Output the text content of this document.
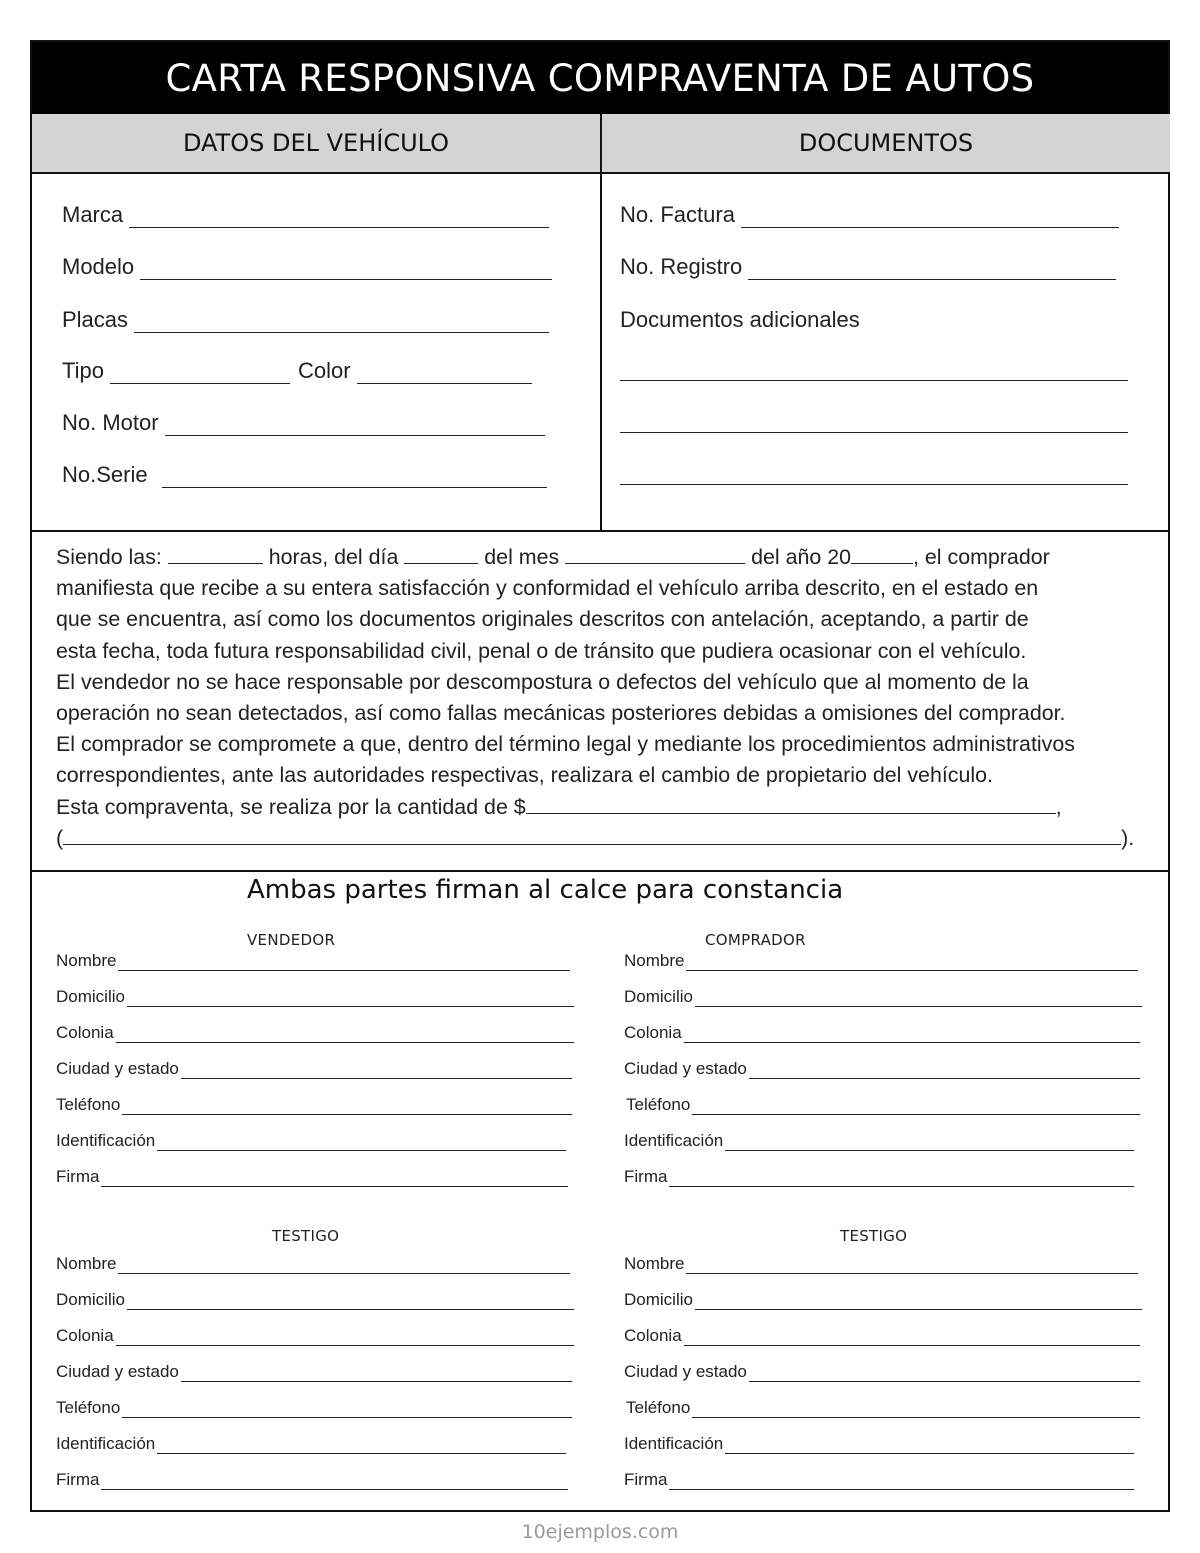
CARTA RESPONSIVA COMPRAVENTA DE AUTOS
DATOS DEL VEHÍCULO	DOCUMENTOS
Marca
Modelo
Placas
Tipo	Color
No. Motor
No.Serie
No. Factura
No. Registro
Documentos adicionales

Siendo las:	horas, del día	del mes	del año 20	, el comprador

manifiesta que recibe a su entera satisfacción y conformidad el vehículo arriba descrito, en el estado en

que se encuentra, así como los documentos originales descritos con antelación, aceptando, a partir de

esta fecha, toda futura responsabilidad civil, penal o de tránsito que pudiera ocasionar con el vehículo.

El vendedor no se hace responsable por descompostura o defectos del vehículo que al momento de la

operación no sean detectados, así como fallas mecánicas posteriores debidas a omisiones del comprador.

El comprador se compromete a que, dentro del término legal y mediante los procedimientos administrativos

correspondientes, ante las autoridades respectivas, realizara el cambio de propietario del vehículo.

Esta compraventa, se realiza por la cantidad de $	,

(	).

Ambas partes firman al calce para constancia
VENDEDOR
Nombre
Domicilio
Colonia
Ciudad y estado
Teléfono
Identificación
Firma
COMPRADOR
Nombre
Domicilio
Colonia
Ciudad y estado
Teléfono
Identificación
Firma
TESTIGO
Nombre
Domicilio
Colonia
Ciudad y estado
Teléfono
Identificación
Firma
TESTIGO
Nombre
Domicilio
Colonia
Ciudad y estado
Teléfono
Identificación
Firma
10ejemplos.com
